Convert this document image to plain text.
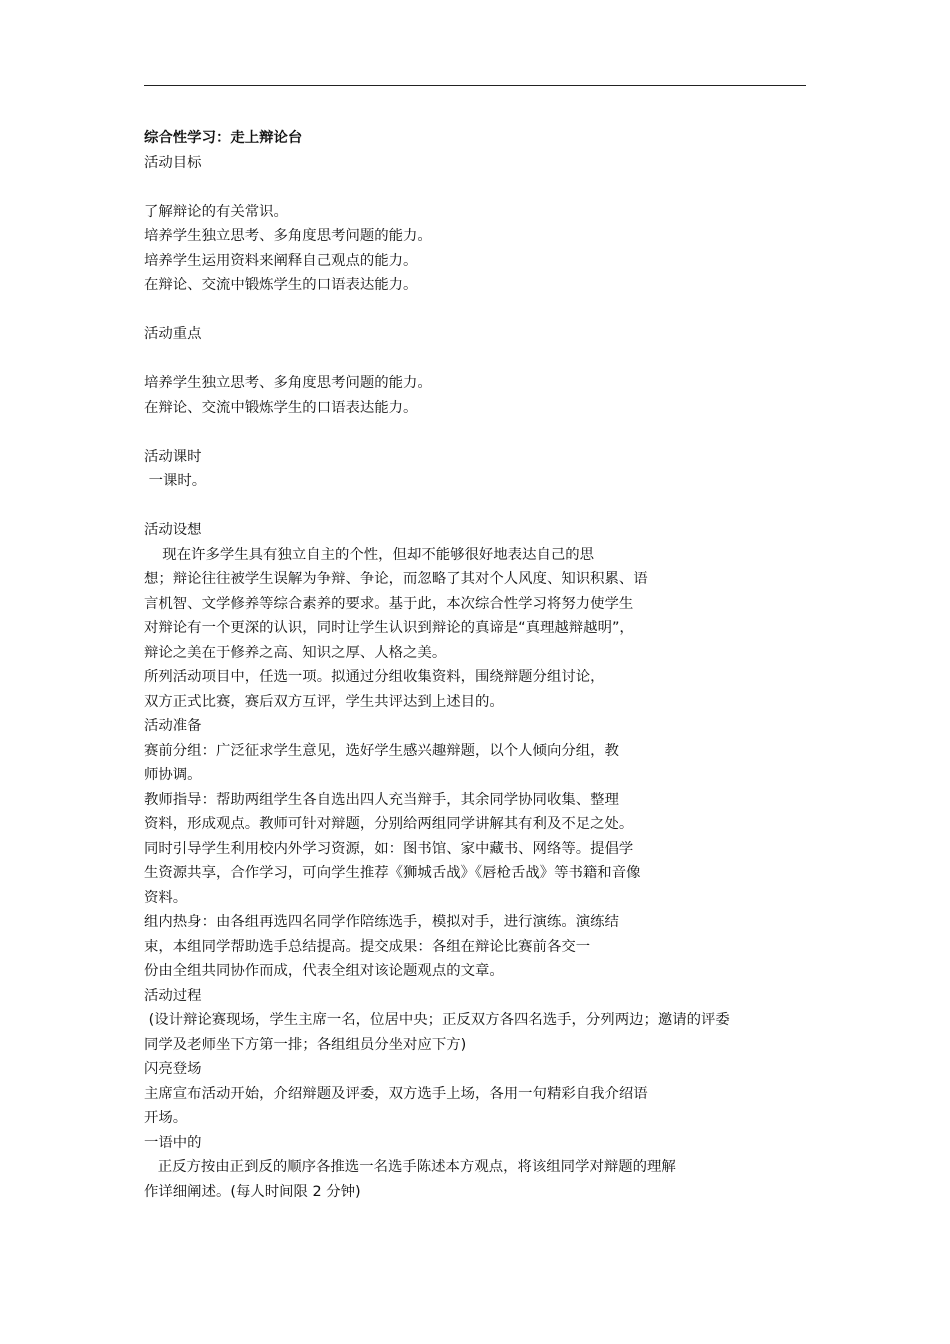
综合性学习：走上辩论台
活动目标
了解辩论的有关常识。
培养学生独立思考、多角度思考问题的能力。
培养学生运用资料来阐释自己观点的能力。
在辩论、交流中锻炼学生的口语表达能力。
活动重点
培养学生独立思考、多角度思考问题的能力。
在辩论、交流中锻炼学生的口语表达能力。
活动课时
一课时。
活动设想
现在许多学生具有独立自主的个性，但却不能够很好地表达自己的思
想；辩论往往被学生误解为争辩、争论，而忽略了其对个人风度、知识积累、语
言机智、文学修养等综合素养的要求。基于此，本次综合性学习将努力使学生
对辩论有一个更深的认识，同时让学生认识到辩论的真谛是“真理越辩越明”，
辩论之美在于修养之高、知识之厚、人格之美。
所列活动项目中，任选一项。拟通过分组收集资料，围绕辩题分组讨论，
双方正式比赛，赛后双方互评，学生共评达到上述目的。
活动准备
赛前分组：广泛征求学生意见，选好学生感兴趣辩题，以个人倾向分组，教
师协调。
教师指导：帮助两组学生各自选出四人充当辩手，其余同学协同收集、整理
资料，形成观点。教师可针对辩题，分别给两组同学讲解其有利及不足之处。
同时引导学生利用校内外学习资源，如：图书馆、家中藏书、网络等。提倡学
生资源共享，合作学习，可向学生推荐《狮城舌战》《唇枪舌战》等书籍和音像
资料。
组内热身：由各组再选四名同学作陪练选手，模拟对手，进行演练。演练结
束，本组同学帮助选手总结提高。提交成果：各组在辩论比赛前各交一
份由全组共同协作而成，代表全组对该论题观点的文章。
活动过程
(设计辩论赛现场，学生主席一名，位居中央；正反双方各四名选手，分列两边；邀请的评委
同学及老师坐下方第一排；各组组员分坐对应下方)
闪亮登场
主席宣布活动开始，介绍辩题及评委，双方选手上场，各用一句精彩自我介绍语
开场。
一语中的
正反方按由正到反的顺序各推选一名选手陈述本方观点，将该组同学对辩题的理解
作详细阐述。(每人时间限 2 分钟)
